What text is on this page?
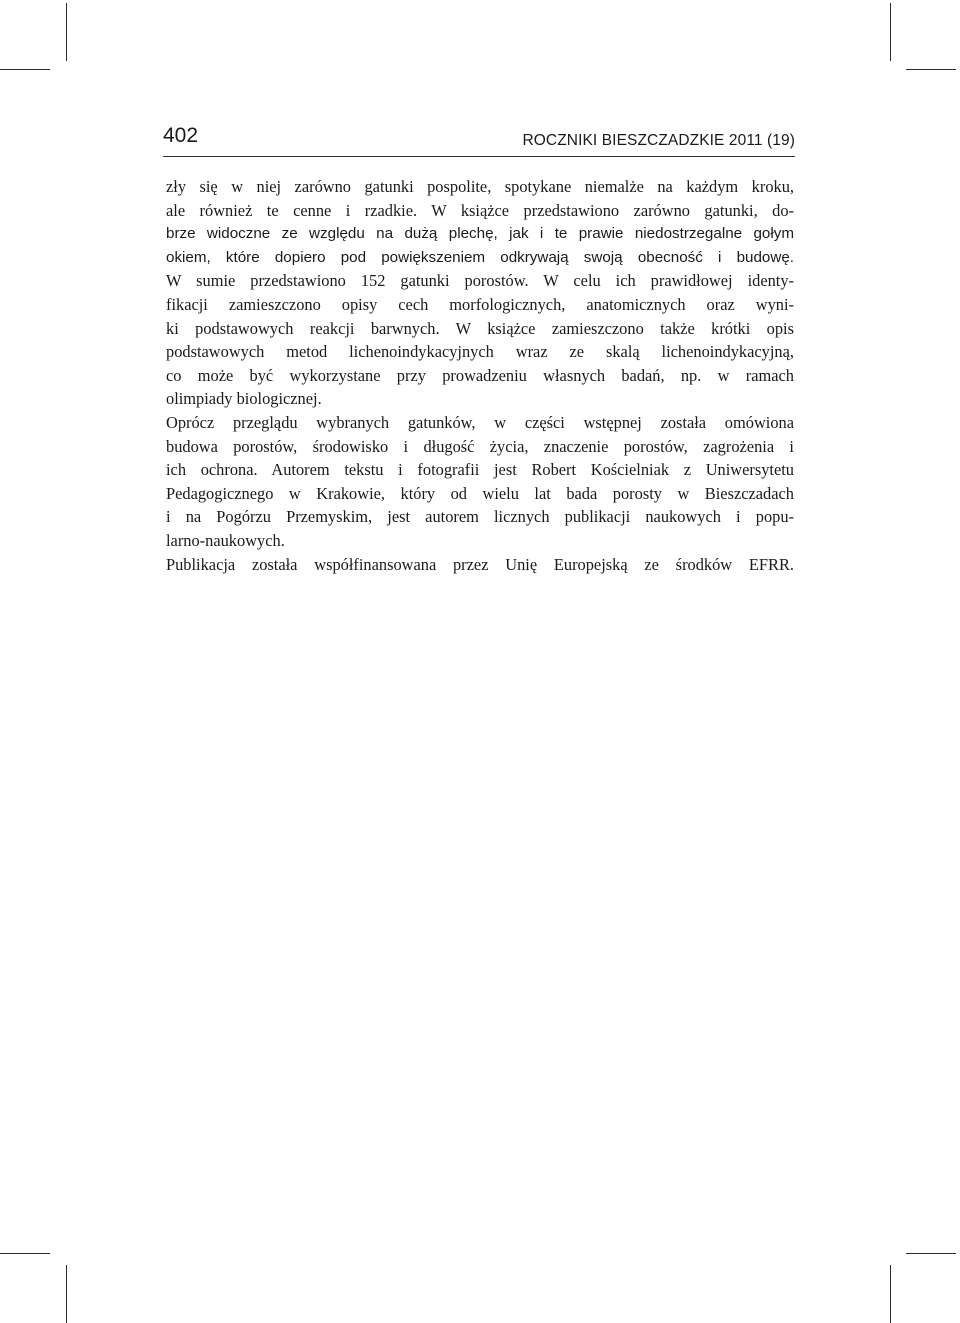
402	ROCZNIKI BIESZCZADZKIE 2011 (19)
zły się w niej zarówno gatunki pospolite, spotykane niemalże na każdym kroku,
ale również te cenne i rzadkie. W książce przedstawiono zarówno gatunki, do-
brze widoczne ze względu na dużą plechę, jak i te prawie niedostrzegalne gołym
okiem, które dopiero pod powiększeniem odkrywają swoją obecność i budowę.
W sumie przedstawiono 152 gatunki porostów. W celu ich prawidłowej identy-
fikacji zamieszczono opisy cech morfologicznych, anatomicznych oraz wyni-
ki podstawowych reakcji barwnych. W książce zamieszczono także krótki opis
podstawowych metod lichenoindykacyjnych wraz ze skalą lichenoindykacyjną,
co może być wykorzystane przy prowadzeniu własnych badań, np. w ramach
olimpiady biologicznej.
Oprócz przeglądu wybranych gatunków, w części wstępnej została omówiona
budowa porostów, środowisko i długość życia, znaczenie porostów, zagrożenia i
ich ochrona. Autorem tekstu i fotografii jest Robert Kościelniak z Uniwersytetu
Pedagogicznego w Krakowie, który od wielu lat bada porosty w Bieszczadach
i na Pogórzu Przemyskim, jest autorem licznych publikacji naukowych i popu-
larno-naukowych.
Publikacja została współfinansowana przez Unię Europejską ze środków EFRR.
